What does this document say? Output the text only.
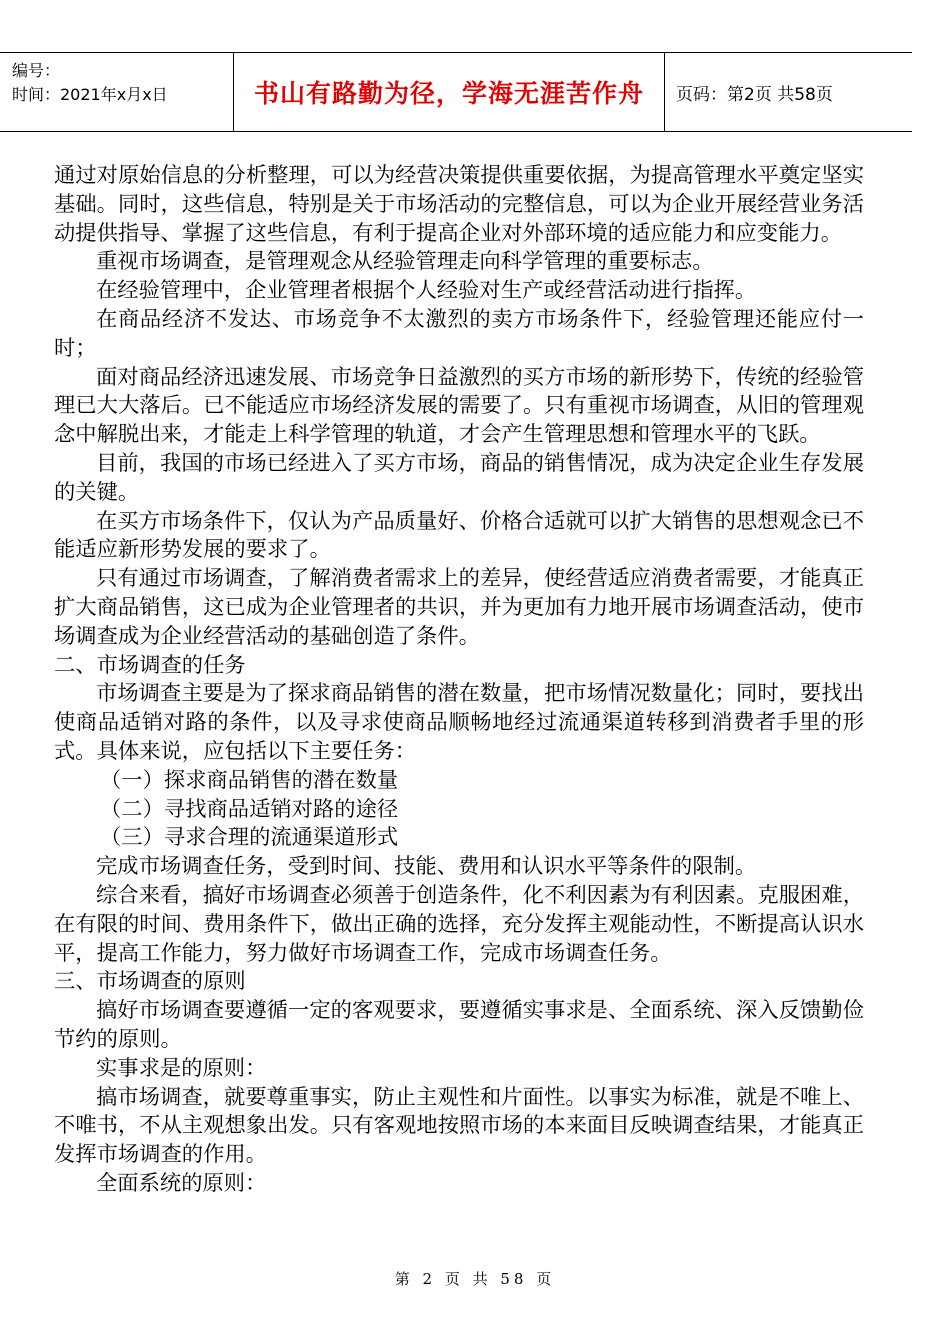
编号：
时间：2021年x月x日	书山有路勤为径，学海无涯苦作舟	页码：第2页 共58页

通过对原始信息的分析整理，可以为经营决策提供重要依据，为提高管理水平奠定坚实基础。同时，这些信息，特别是关于市场活动的完整信息，可以为企业开展经营业务活动提供指导、掌握了这些信息，有利于提高企业对外部环境的适应能力和应变能力。

重视市场调查，是管理观念从经验管理走向科学管理的重要标志。

在经验管理中，企业管理者根据个人经验对生产或经营活动进行指挥。

在商品经济不发达、市场竞争不太激烈的卖方市场条件下，经验管理还能应付一时；

面对商品经济迅速发展、市场竞争日益激烈的买方市场的新形势下，传统的经验管理已大大落后。已不能适应市场经济发展的需要了。只有重视市场调查，从旧的管理观念中解脱出来，才能走上科学管理的轨道，才会产生管理思想和管理水平的飞跃。

目前，我国的市场已经进入了买方市场，商品的销售情况，成为决定企业生存发展的关键。

在买方市场条件下，仅认为产品质量好、价格合适就可以扩大销售的思想观念已不能适应新形势发展的要求了。

只有通过市场调查，了解消费者需求上的差异，使经营适应消费者需要，才能真正扩大商品销售，这已成为企业管理者的共识，并为更加有力地开展市场调查活动，使市场调查成为企业经营活动的基础创造了条件。

二、市场调查的任务

市场调查主要是为了探求商品销售的潜在数量，把市场情况数量化；同时，要找出使商品适销对路的条件，以及寻求使商品顺畅地经过流通渠道转移到消费者手里的形式。具体来说，应包括以下主要任务：

（一）探求商品销售的潜在数量

（二）寻找商品适销对路的途径

（三）寻求合理的流通渠道形式

完成市场调查任务，受到时间、技能、费用和认识水平等条件的限制。

综合来看，搞好市场调查必须善于创造条件，化不利因素为有利因素。克服困难，在有限的时间、费用条件下，做出正确的选择，充分发挥主观能动性，不断提高认识水平，提高工作能力，努力做好市场调查工作，完成市场调查任务。

三、市场调查的原则

搞好市场调查要遵循一定的客观要求，要遵循实事求是、全面系统、深入反馈勤俭节约的原则。

实事求是的原则：

搞市场调查，就要尊重事实，防止主观性和片面性。以事实为标准，就是不唯上、不唯书，不从主观想象出发。只有客观地按照市场的本来面目反映调查结果，才能真正发挥市场调查的作用。

全面系统的原则：

第 2 页 共 58 页
